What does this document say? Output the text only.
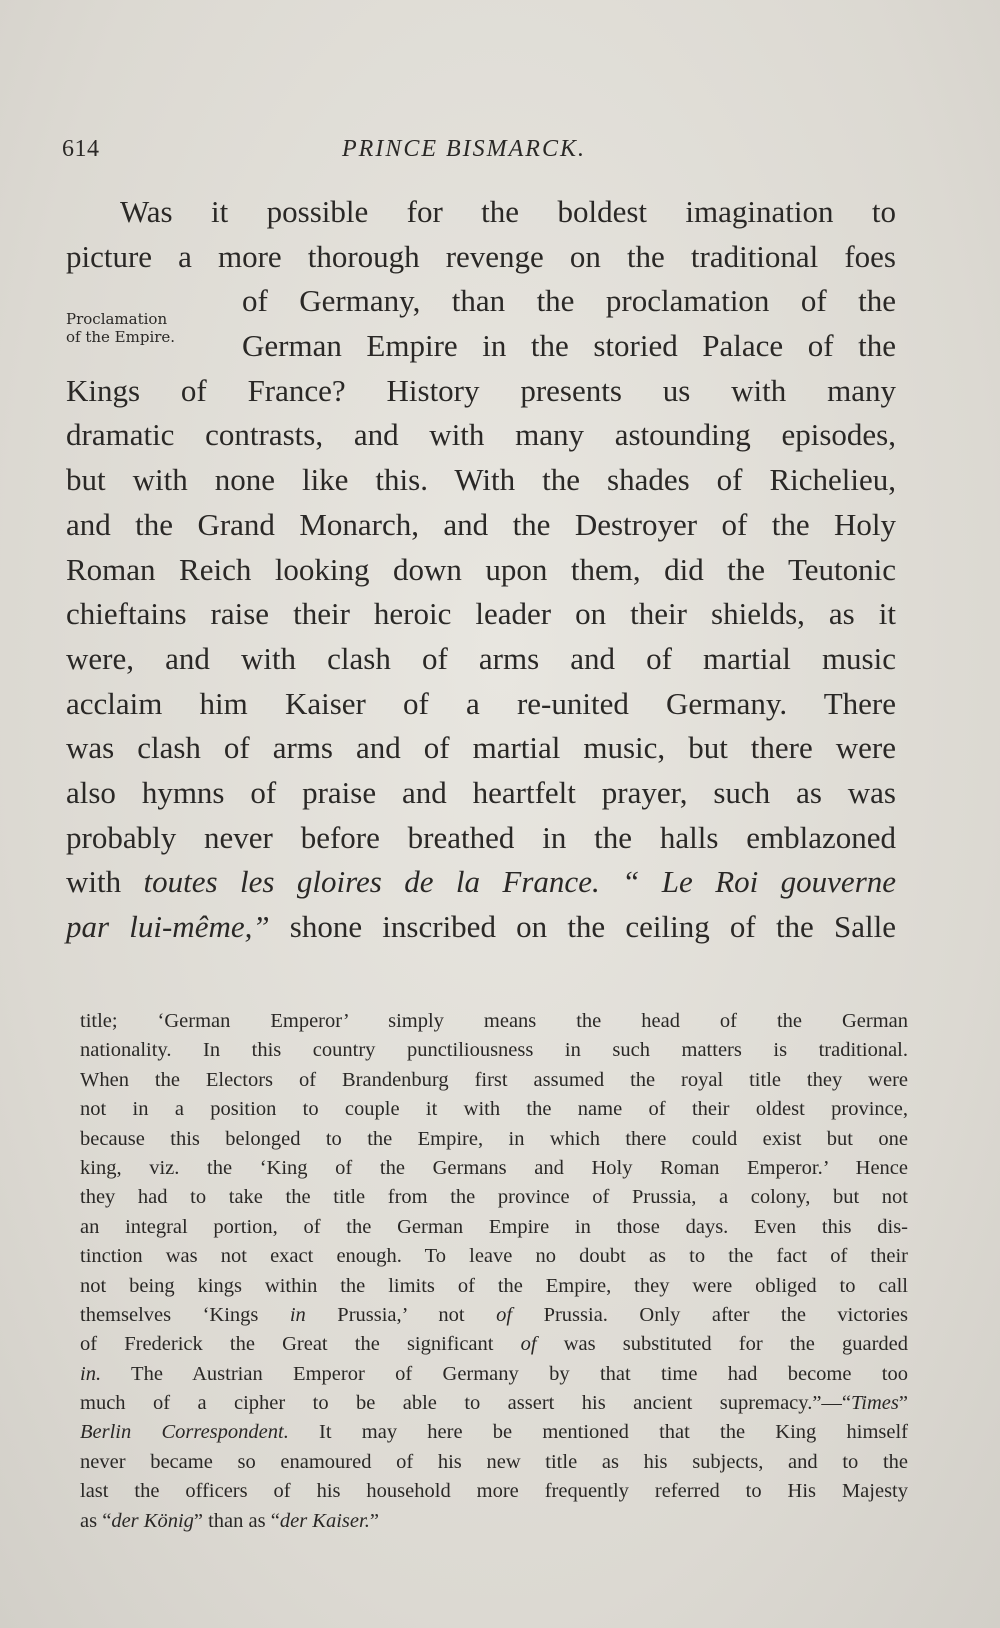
614	PRINCE BISMARCK.
Proclamation
of the Empire.
Was it possible for the boldest imagination to
picture a more thorough revenge on the traditional foes
of Germany, than the proclamation of the
German Empire in the storied Palace of the
Kings of France? History presents us with many
dramatic contrasts, and with many astounding episodes,
but with none like this. With the shades of Richelieu,
and the Grand Monarch, and the Destroyer of the Holy
Roman Reich looking down upon them, did the Teutonic
chieftains raise their heroic leader on their shields, as it
were, and with clash of arms and of martial music
acclaim him Kaiser of a re-united Germany. There
was clash of arms and of martial music, but there were
also hymns of praise and heartfelt prayer, such as was
probably never before breathed in the halls emblazoned
with toutes les gloires de la France. “ Le Roi gouverne
par lui-même,” shone inscribed on the ceiling of the Salle
title; ‘German Emperor’ simply means the head of the German
nationality. In this country punctiliousness in such matters is traditional.
When the Electors of Brandenburg first assumed the royal title they were
not in a position to couple it with the name of their oldest province,
because this belonged to the Empire, in which there could exist but one
king, viz. the ‘King of the Germans and Holy Roman Emperor.’ Hence
they had to take the title from the province of Prussia, a colony, but not
an integral portion, of the German Empire in those days. Even this dis-
tinction was not exact enough. To leave no doubt as to the fact of their
not being kings within the limits of the Empire, they were obliged to call
themselves ‘Kings in Prussia,’ not of Prussia. Only after the victories
of Frederick the Great the significant of was substituted for the guarded
in. The Austrian Emperor of Germany by that time had become too
much of a cipher to be able to assert his ancient supremacy.”—“Times”
Berlin Correspondent. It may here be mentioned that the King himself
never became so enamoured of his new title as his subjects, and to the
last the officers of his household more frequently referred to His Majesty
as “der König” than as “der Kaiser.”
